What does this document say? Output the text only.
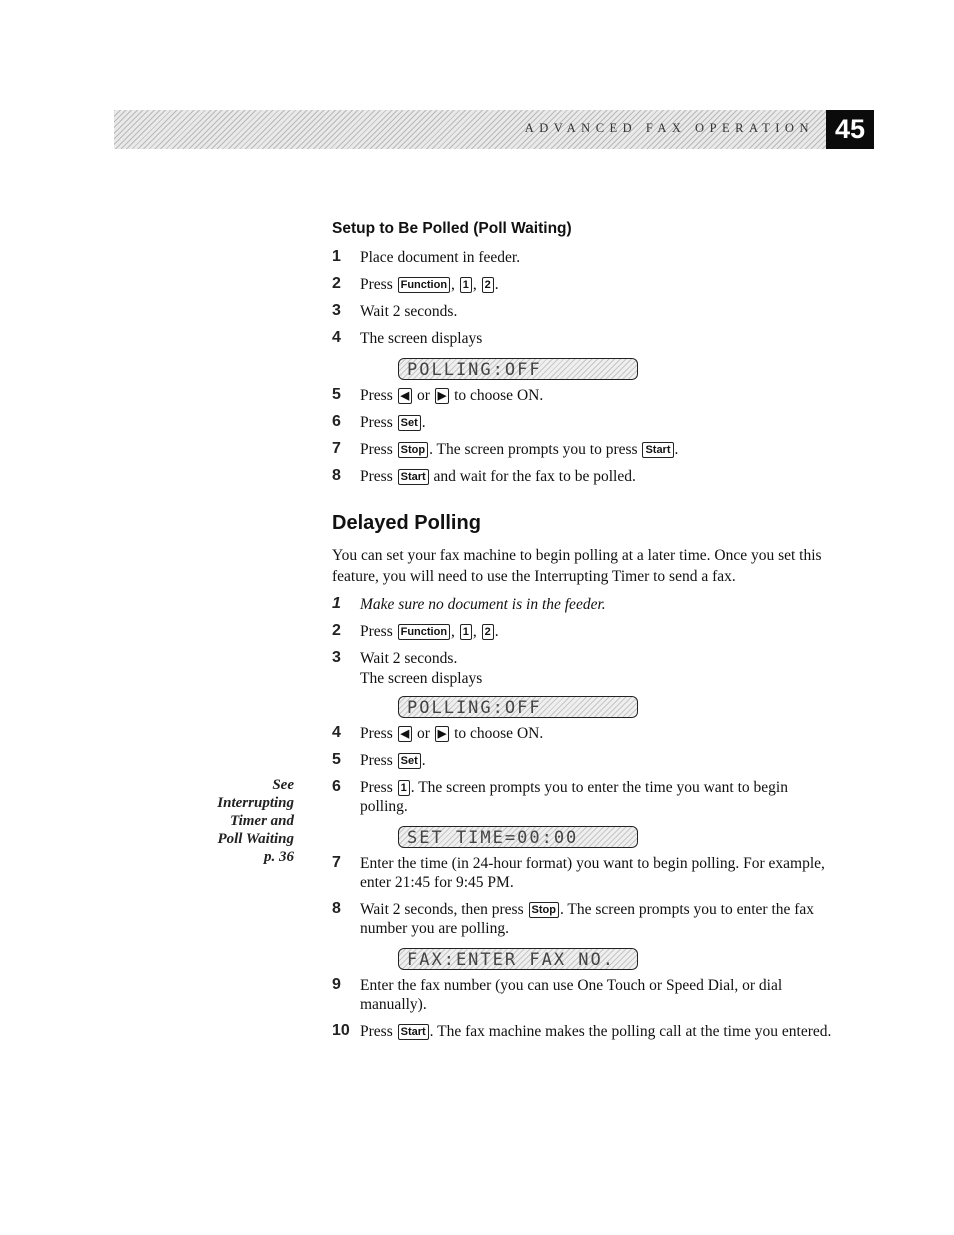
ADVANCED FAX OPERATION 45
See
Interrupting
Timer and
Poll Waiting
p. 36
Setup to Be Polled (Poll Waiting)
1	Place document in feeder.
2	Press Function , 1 , 2 .
3	Wait 2 seconds.
4	The screen displays
POLLING:OFF
5	Press ◀ or ▶ to choose ON.
6	Press Set .
7	Press Stop . The screen prompts you to press Start .
8	Press Start and wait for the fax to be polled.
Delayed Polling

You can set your fax machine to begin polling at a later time. Once you set this feature, you will need to use the Interrupting Timer to send a fax.

1	Make sure no document is in the feeder.
2	Press Function , 1 , 2 .
3	Wait 2 seconds.
The screen displays
POLLING:OFF
4	Press ◀ or ▶ to choose ON.
5	Press Set .
6	Press 1 . The screen prompts you to enter the time you want to begin polling.
SET TIME=00:00
7	Enter the time (in 24-hour format) you want to begin polling. For example, enter 21:45 for 9:45 PM.
8	Wait 2 seconds, then press Stop . The screen prompts you to enter the fax number you are polling.
FAX:ENTER FAX NO.
9	Enter the fax number (you can use One Touch or Speed Dial, or dial manually).
10 Press Start . The fax machine makes the polling call at the time you entered.
